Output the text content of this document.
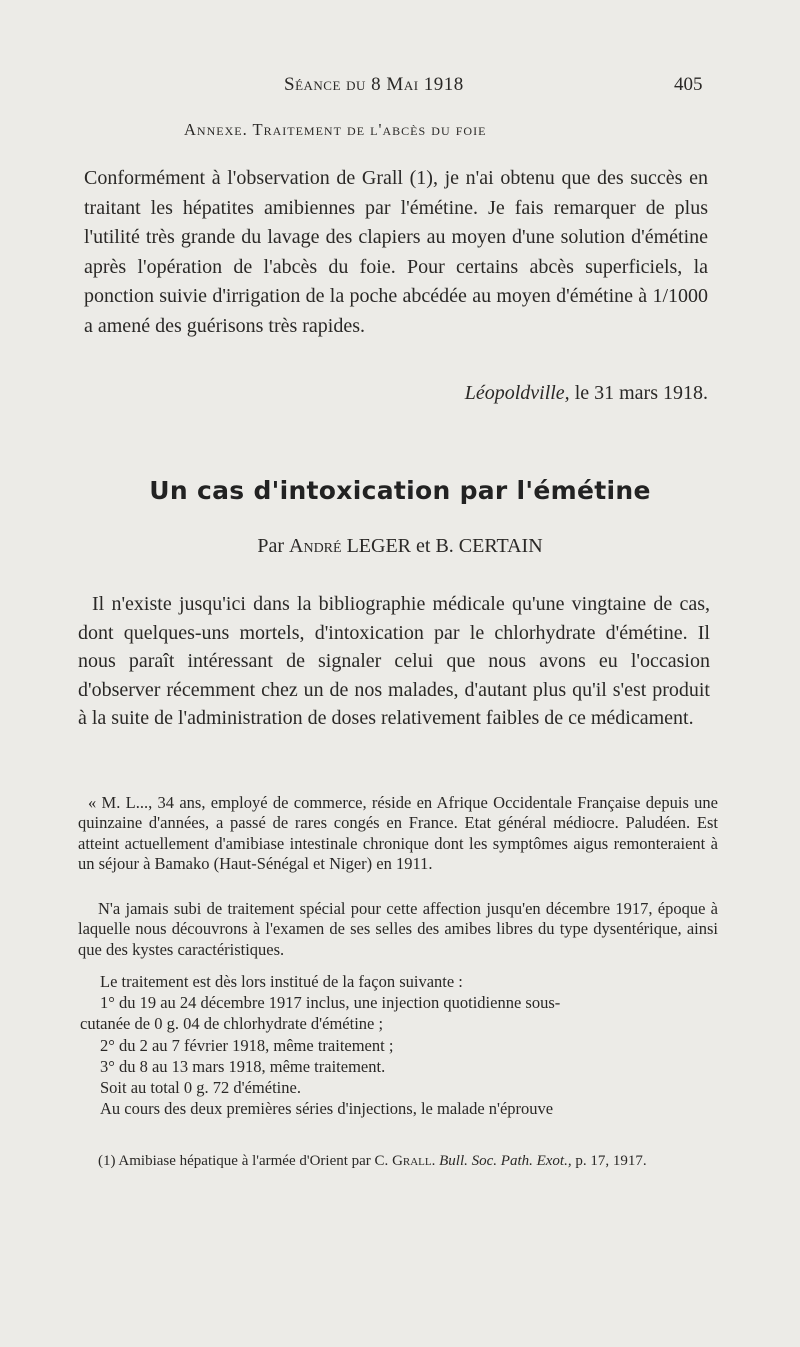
Séance du 8 Mai 1918	405
Annexe. Traitement de l'abcès du foie

Conformément à l'observation de Grall (1), je n'ai obtenu que des succès en traitant les hépatites amibiennes par l'émétine. Je fais remarquer de plus l'utilité très grande du lavage des clapiers au moyen d'une solution d'émétine après l'opération de l'abcès du foie. Pour certains abcès superficiels, la ponction suivie d'irrigation de la poche abcédée au moyen d'émétine à 1/1000 a amené des guérisons très rapides.

Léopoldville, le 31 mars 1918.
Un cas d'intoxication par l'émétine
Par André LEGER et B. CERTAIN

Il n'existe jusqu'ici dans la bibliographie médicale qu'une vingtaine de cas, dont quelques-uns mortels, d'intoxication par le chlorhydrate d'émétine. Il nous paraît intéressant de signaler celui que nous avons eu l'occasion d'observer récemment chez un de nos malades, d'autant plus qu'il s'est produit à la suite de l'administration de doses relativement faibles de ce médicament.

« M. L..., 34 ans, employé de commerce, réside en Afrique Occidentale Française depuis une quinzaine d'années, a passé de rares congés en France. Etat général médiocre. Paludéen. Est atteint actuellement d'amibiase intestinale chronique dont les symptômes aigus remonteraient à un séjour à Bamako (Haut-Sénégal et Niger) en 1911.

N'a jamais subi de traitement spécial pour cette affection jusqu'en décembre 1917, époque à laquelle nous découvrons à l'examen de ses selles des amibes libres du type dysentérique, ainsi que des kystes caractéristiques.

Le traitement est dès lors institué de la façon suivante :
1° du 19 au 24 décembre 1917 inclus, une injection quotidienne sous-
cutanée de 0 g. 04 de chlorhydrate d'émétine ;
2° du 2 au 7 février 1918, même traitement ;
3° du 8 au 13 mars 1918, même traitement.
Soit au total 0 g. 72 d'émétine.
Au cours des deux premières séries d'injections, le malade n'éprouve

(1) Amibiase hépatique à l'armée d'Orient par C. Grall. Bull. Soc. Path. Exot., p. 17, 1917.
